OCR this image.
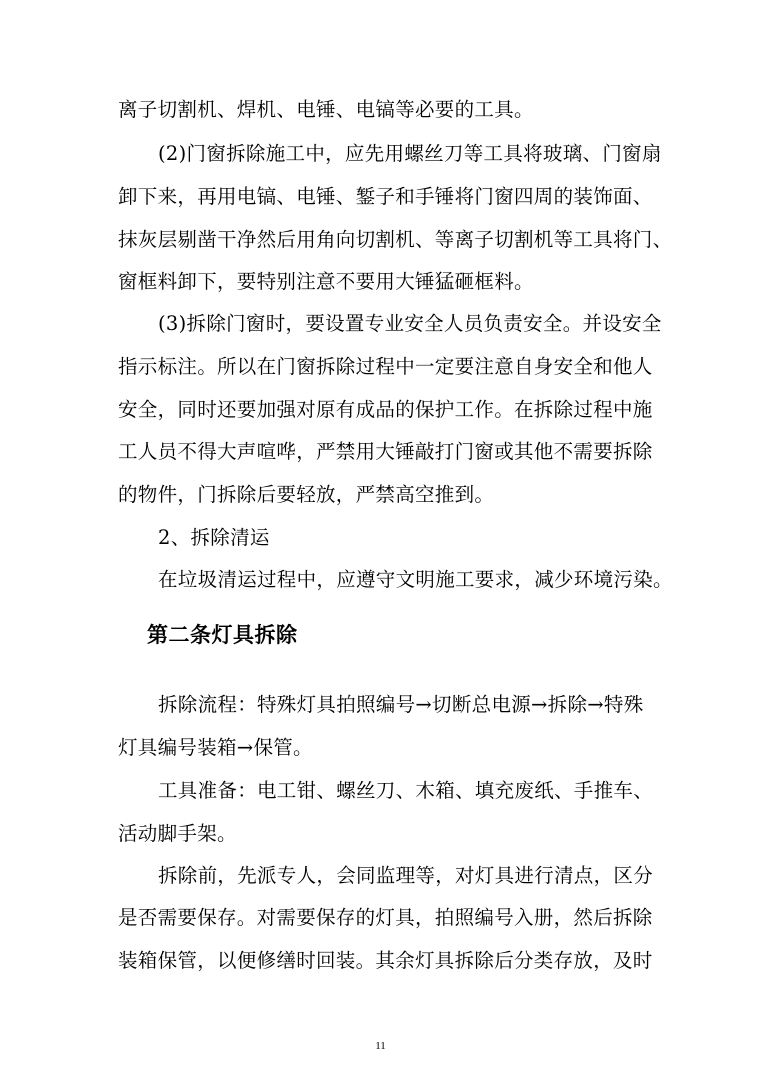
离子切割机、焊机、电锤、电镐等必要的工具。
(2)门窗拆除施工中，应先用螺丝刀等工具将玻璃、门窗扇
卸下来，再用电镐、电锤、錾子和手锤将门窗四周的装饰面、
抹灰层剔凿干净然后用角向切割机、等离子切割机等工具将门、
窗框料卸下，要特别注意不要用大锤猛砸框料。
(3)拆除门窗时，要设置专业安全人员负责安全。并设安全
指示标注。所以在门窗拆除过程中一定要注意自身安全和他人
安全，同时还要加强对原有成品的保护工作。在拆除过程中施
工人员不得大声喧哗，严禁用大锤敲打门窗或其他不需要拆除
的物件，门拆除后要轻放，严禁高空推到。
2、拆除清运
在垃圾清运过程中，应遵守文明施工要求，减少环境污染。
第二条灯具拆除
拆除流程：特殊灯具拍照编号→切断总电源→拆除→特殊
灯具编号装箱→保管。
工具准备：电工钳、螺丝刀、木箱、填充废纸、手推车、
活动脚手架。
拆除前，先派专人，会同监理等，对灯具进行清点，区分
是否需要保存。对需要保存的灯具，拍照编号入册，然后拆除
装箱保管，以便修缮时回装。其余灯具拆除后分类存放，及时
11
